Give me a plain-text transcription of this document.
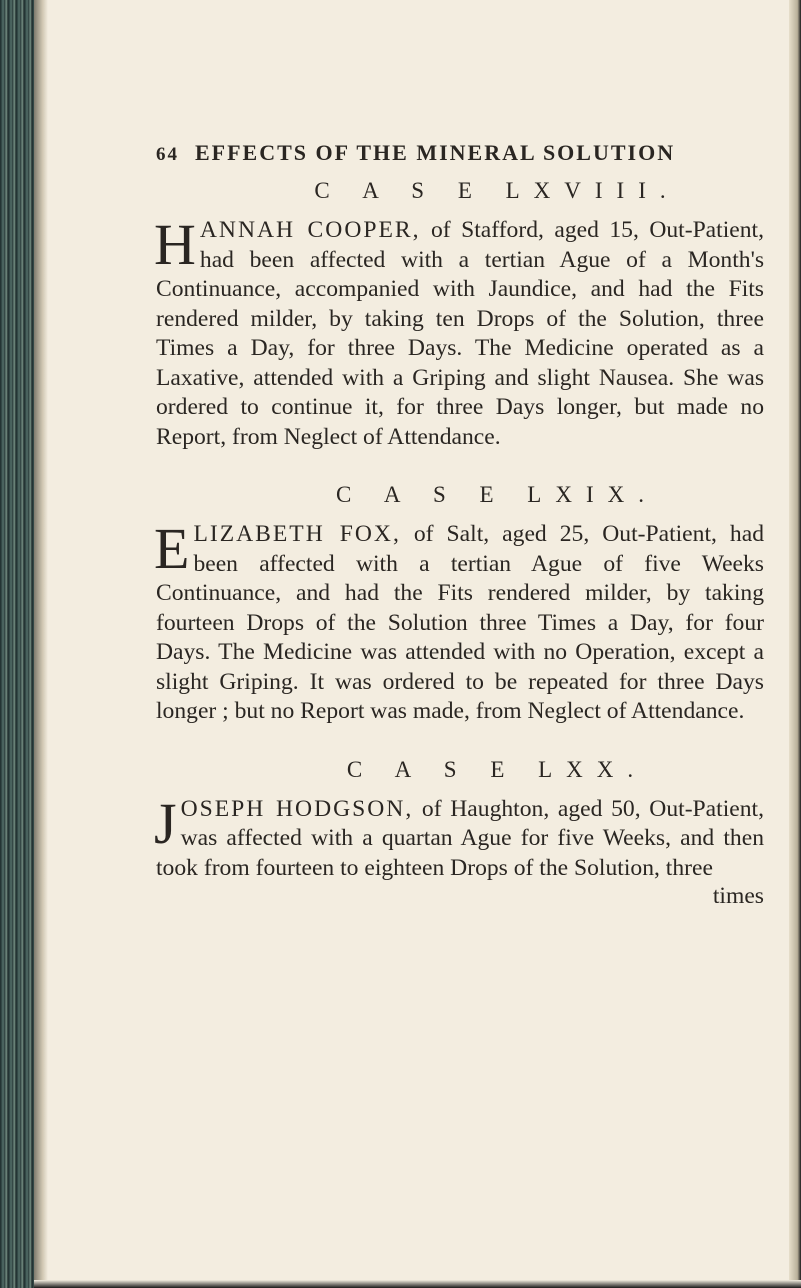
64 EFFECTS OF THE MINERAL SOLUTION
C A S E LXVIII.

HANNAH COOPER, of Stafford, aged 15, Out-Patient, had been affected with a tertian Ague of a Month's Continuance, accompanied with Jaundice, and had the Fits rendered milder, by taking ten Drops of the Solution, three Times a Day, for three Days. The Medicine operated as a Laxative, attended with a Griping and slight Nausea. She was ordered to continue it, for three Days longer, but made no Report, from Neglect of Attendance.

C A S E LXIX.

ELIZABETH FOX, of Salt, aged 25, Out-Patient, had been affected with a tertian Ague of five Weeks Continuance, and had the Fits rendered milder, by taking fourteen Drops of the Solution three Times a Day, for four Days. The Medicine was attended with no Operation, except a slight Griping. It was ordered to be repeated for three Days longer ; but no Report was made, from Neglect of Attendance.

C A S E LXX.

JOSEPH HODGSON, of Haughton, aged 50, Out-Patient, was affected with a quartan Ague for five Weeks, and then took from fourteen to eighteen Drops of the Solution, three

times
